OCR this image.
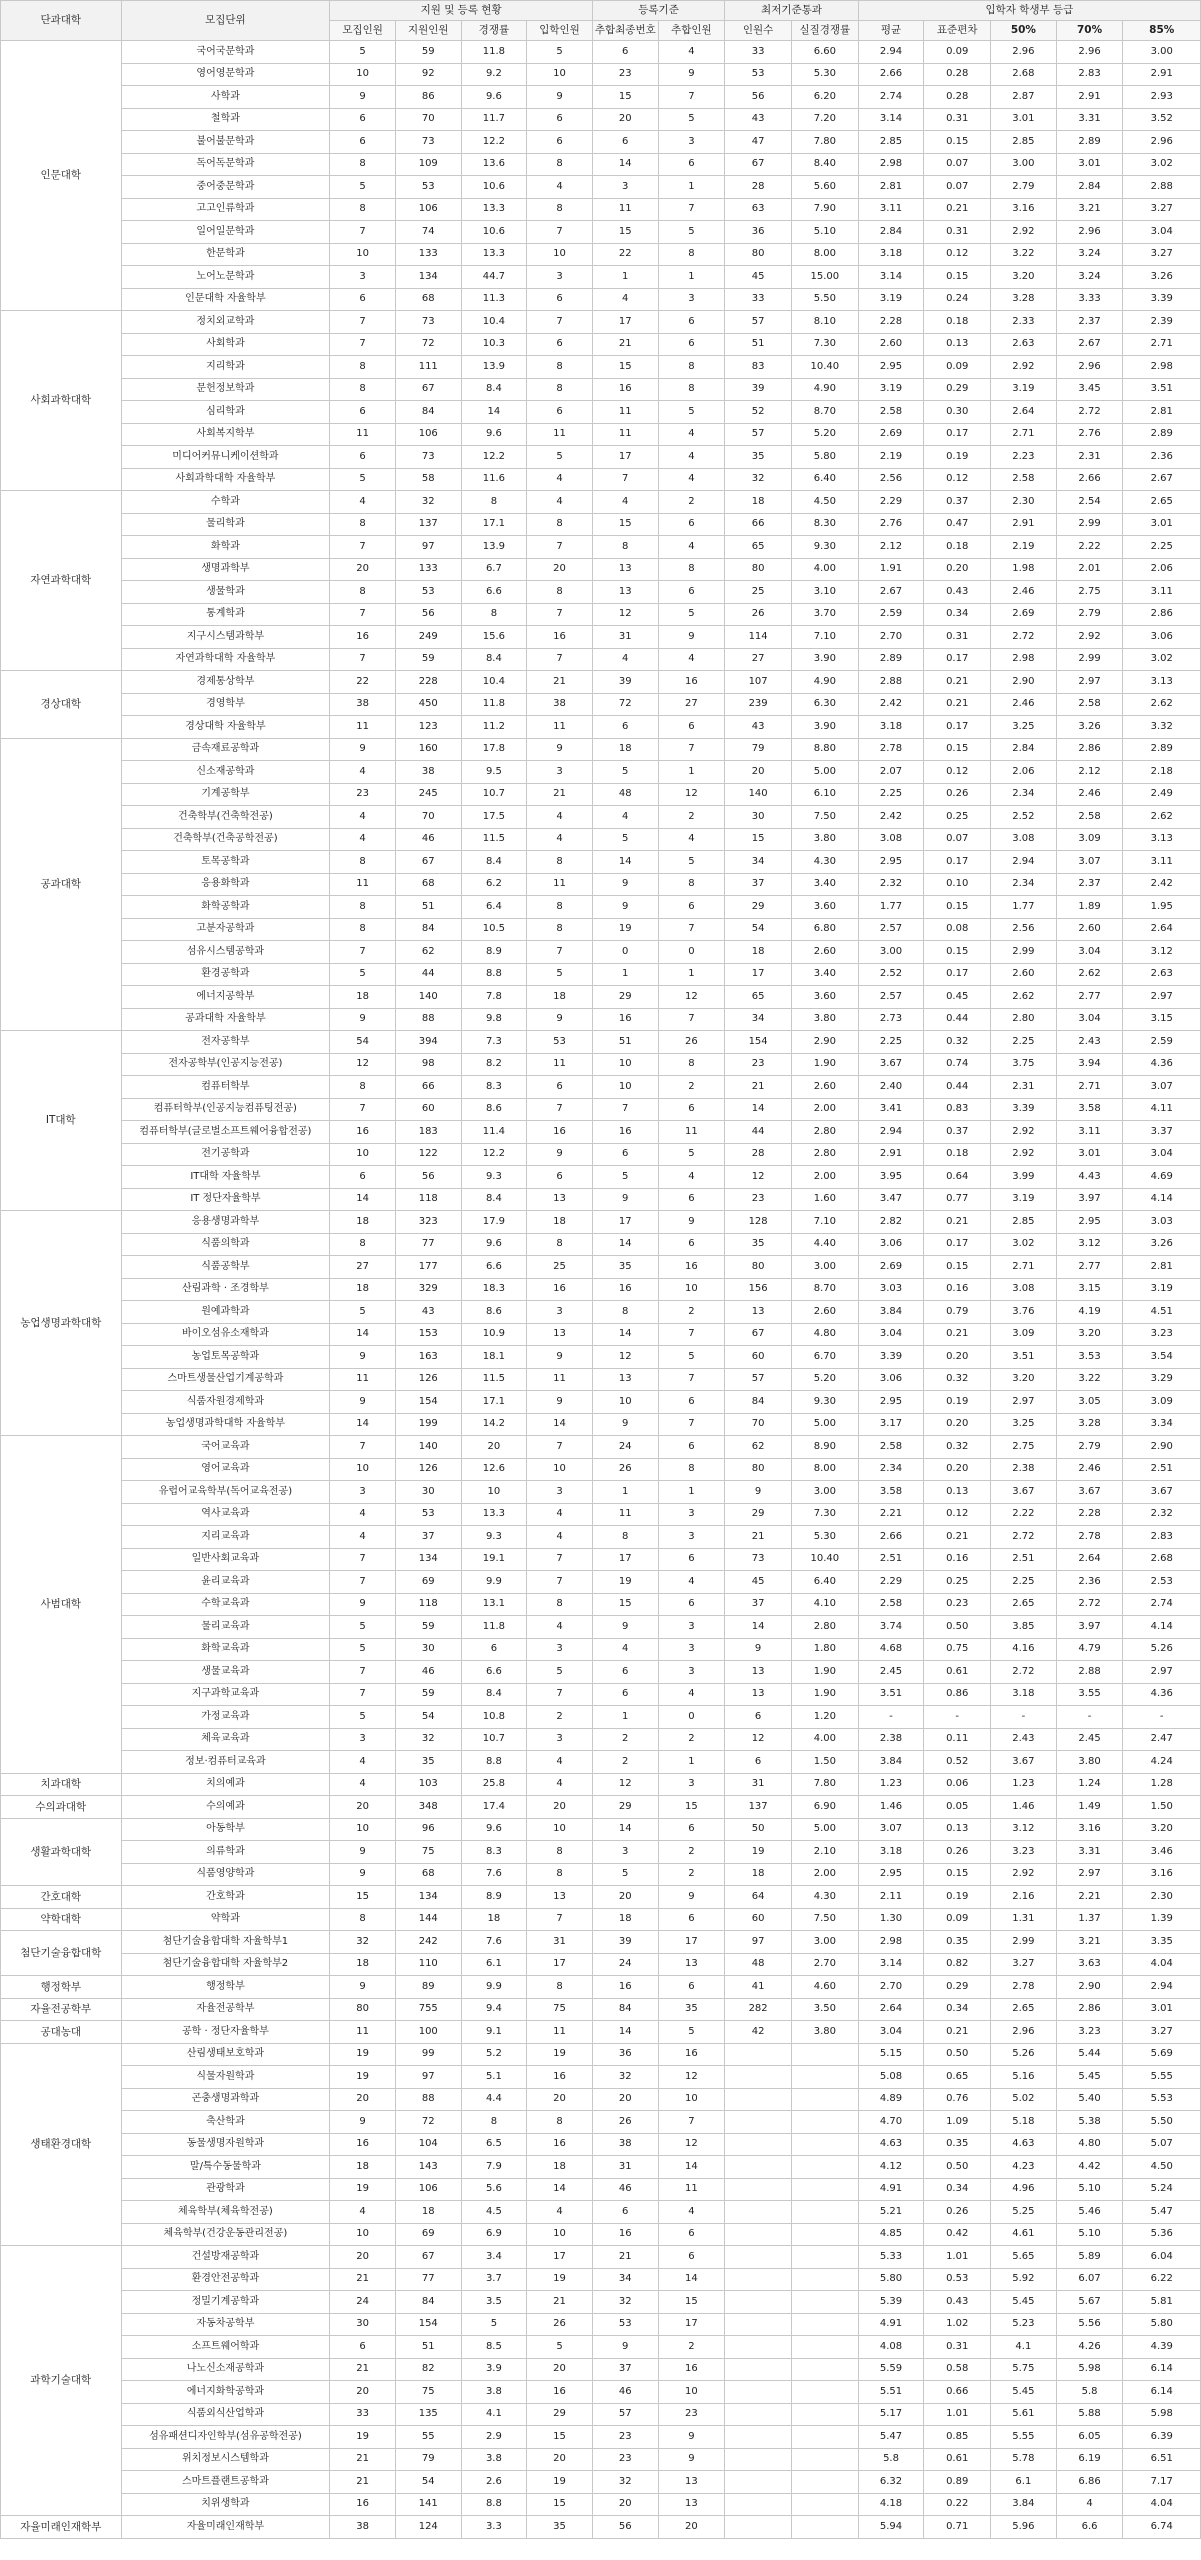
단과대학	모집단위	지원 및 등록 현황				등록기준		최저기준통과		입학자 학생부 등급				
		모집인원	지원인원	경쟁률	입학인원	추합최종번호	추합인원	인원수	실질경쟁률	평균	표준편차	50%	70%	85%
인문대학	국어국문학과	5	59	11.8	5	6	4	33	6.60	2.94	0.09	2.96	2.96	3.00
	영어영문학과	10	92	9.2	10	23	9	53	5.30	2.66	0.28	2.68	2.83	2.91
	사학과	9	86	9.6	9	15	7	56	6.20	2.74	0.28	2.87	2.91	2.93
	철학과	6	70	11.7	6	20	5	43	7.20	3.14	0.31	3.01	3.31	3.52
	불어불문학과	6	73	12.2	6	6	3	47	7.80	2.85	0.15	2.85	2.89	2.96
	독어독문학과	8	109	13.6	8	14	6	67	8.40	2.98	0.07	3.00	3.01	3.02
	중어중문학과	5	53	10.6	4	3	1	28	5.60	2.81	0.07	2.79	2.84	2.88
	고고인류학과	8	106	13.3	8	11	7	63	7.90	3.11	0.21	3.16	3.21	3.27
	일어일문학과	7	74	10.6	7	15	5	36	5.10	2.84	0.31	2.92	2.96	3.04
	한문학과	10	133	13.3	10	22	8	80	8.00	3.18	0.12	3.22	3.24	3.27
	노어노문학과	3	134	44.7	3	1	1	45	15.00	3.14	0.15	3.20	3.24	3.26
	인문대학 자율학부	6	68	11.3	6	4	3	33	5.50	3.19	0.24	3.28	3.33	3.39
사회과학대학	정치외교학과	7	73	10.4	7	17	6	57	8.10	2.28	0.18	2.33	2.37	2.39
	사회학과	7	72	10.3	6	21	6	51	7.30	2.60	0.13	2.63	2.67	2.71
	지리학과	8	111	13.9	8	15	8	83	10.40	2.95	0.09	2.92	2.96	2.98
	문헌정보학과	8	67	8.4	8	16	8	39	4.90	3.19	0.29	3.19	3.45	3.51
	심리학과	6	84	14	6	11	5	52	8.70	2.58	0.30	2.64	2.72	2.81
	사회복지학부	11	106	9.6	11	11	4	57	5.20	2.69	0.17	2.71	2.76	2.89
	미디어커뮤니케이션학과	6	73	12.2	5	17	4	35	5.80	2.19	0.19	2.23	2.31	2.36
	사회과학대학 자율학부	5	58	11.6	4	7	4	32	6.40	2.56	0.12	2.58	2.66	2.67
자연과학대학	수학과	4	32	8	4	4	2	18	4.50	2.29	0.37	2.30	2.54	2.65
	물리학과	8	137	17.1	8	15	6	66	8.30	2.76	0.47	2.91	2.99	3.01
	화학과	7	97	13.9	7	8	4	65	9.30	2.12	0.18	2.19	2.22	2.25
	생명과학부	20	133	6.7	20	13	8	80	4.00	1.91	0.20	1.98	2.01	2.06
	생물학과	8	53	6.6	8	13	6	25	3.10	2.67	0.43	2.46	2.75	3.11
	통계학과	7	56	8	7	12	5	26	3.70	2.59	0.34	2.69	2.79	2.86
	지구시스템과학부	16	249	15.6	16	31	9	114	7.10	2.70	0.31	2.72	2.92	3.06
	자연과학대학 자율학부	7	59	8.4	7	4	4	27	3.90	2.89	0.17	2.98	2.99	3.02
경상대학	경제통상학부	22	228	10.4	21	39	16	107	4.90	2.88	0.21	2.90	2.97	3.13
	경영학부	38	450	11.8	38	72	27	239	6.30	2.42	0.21	2.46	2.58	2.62
	경상대학 자율학부	11	123	11.2	11	6	6	43	3.90	3.18	0.17	3.25	3.26	3.32
공과대학	금속재료공학과	9	160	17.8	9	18	7	79	8.80	2.78	0.15	2.84	2.86	2.89
	신소재공학과	4	38	9.5	3	5	1	20	5.00	2.07	0.12	2.06	2.12	2.18
	기계공학부	23	245	10.7	21	48	12	140	6.10	2.25	0.26	2.34	2.46	2.49
	건축학부(건축학전공)	4	70	17.5	4	4	2	30	7.50	2.42	0.25	2.52	2.58	2.62
	건축학부(건축공학전공)	4	46	11.5	4	5	4	15	3.80	3.08	0.07	3.08	3.09	3.13
	토목공학과	8	67	8.4	8	14	5	34	4.30	2.95	0.17	2.94	3.07	3.11
	응용화학과	11	68	6.2	11	9	8	37	3.40	2.32	0.10	2.34	2.37	2.42
	화학공학과	8	51	6.4	8	9	6	29	3.60	1.77	0.15	1.77	1.89	1.95
	고분자공학과	8	84	10.5	8	19	7	54	6.80	2.57	0.08	2.56	2.60	2.64
	섬유시스템공학과	7	62	8.9	7	0	0	18	2.60	3.00	0.15	2.99	3.04	3.12
	환경공학과	5	44	8.8	5	1	1	17	3.40	2.52	0.17	2.60	2.62	2.63
	에너지공학부	18	140	7.8	18	29	12	65	3.60	2.57	0.45	2.62	2.77	2.97
	공과대학 자율학부	9	88	9.8	9	16	7	34	3.80	2.73	0.44	2.80	3.04	3.15
IT대학	전자공학부	54	394	7.3	53	51	26	154	2.90	2.25	0.32	2.25	2.43	2.59
	전자공학부(인공지능전공)	12	98	8.2	11	10	8	23	1.90	3.67	0.74	3.75	3.94	4.36
	컴퓨터학부	8	66	8.3	6	10	2	21	2.60	2.40	0.44	2.31	2.71	3.07
	컴퓨터학부(인공지능컴퓨팅전공)	7	60	8.6	7	7	6	14	2.00	3.41	0.83	3.39	3.58	4.11
	컴퓨터학부(글로벌소프트웨어융합전공)	16	183	11.4	16	16	11	44	2.80	2.94	0.37	2.92	3.11	3.37
	전기공학과	10	122	12.2	9	6	5	28	2.80	2.91	0.18	2.92	3.01	3.04
	IT대학 자율학부	6	56	9.3	6	5	4	12	2.00	3.95	0.64	3.99	4.43	4.69
	IT 정단자율학부	14	118	8.4	13	9	6	23	1.60	3.47	0.77	3.19	3.97	4.14
농업생명과학대학	응용생명과학부	18	323	17.9	18	17	9	128	7.10	2.82	0.21	2.85	2.95	3.03
	식품의학과	8	77	9.6	8	14	6	35	4.40	3.06	0.17	3.02	3.12	3.26
	식품공학부	27	177	6.6	25	35	16	80	3.00	2.69	0.15	2.71	2.77	2.81
	산림과학 · 조경학부	18	329	18.3	16	16	10	156	8.70	3.03	0.16	3.08	3.15	3.19
	원예과학과	5	43	8.6	3	8	2	13	2.60	3.84	0.79	3.76	4.19	4.51
	바이오섬유소재학과	14	153	10.9	13	14	7	67	4.80	3.04	0.21	3.09	3.20	3.23
	농업토목공학과	9	163	18.1	9	12	5	60	6.70	3.39	0.20	3.51	3.53	3.54
	스마트생물산업기계공학과	11	126	11.5	11	13	7	57	5.20	3.06	0.32	3.20	3.22	3.29
	식품자원경제학과	9	154	17.1	9	10	6	84	9.30	2.95	0.19	2.97	3.05	3.09
	농업생명과학대학 자율학부	14	199	14.2	14	9	7	70	5.00	3.17	0.20	3.25	3.28	3.34
사범대학	국어교육과	7	140	20	7	24	6	62	8.90	2.58	0.32	2.75	2.79	2.90
	영어교육과	10	126	12.6	10	26	8	80	8.00	2.34	0.20	2.38	2.46	2.51
	유럽어교육학부(독어교육전공)	3	30	10	3	1	1	9	3.00	3.58	0.13	3.67	3.67	3.67
	역사교육과	4	53	13.3	4	11	3	29	7.30	2.21	0.12	2.22	2.28	2.32
	지리교육과	4	37	9.3	4	8	3	21	5.30	2.66	0.21	2.72	2.78	2.83
	일반사회교육과	7	134	19.1	7	17	6	73	10.40	2.51	0.16	2.51	2.64	2.68
	윤리교육과	7	69	9.9	7	19	4	45	6.40	2.29	0.25	2.25	2.36	2.53
	수학교육과	9	118	13.1	8	15	6	37	4.10	2.58	0.23	2.65	2.72	2.74
	물리교육과	5	59	11.8	4	9	3	14	2.80	3.74	0.50	3.85	3.97	4.14
	화학교육과	5	30	6	3	4	3	9	1.80	4.68	0.75	4.16	4.79	5.26
	생물교육과	7	46	6.6	5	6	3	13	1.90	2.45	0.61	2.72	2.88	2.97
	지구과학교육과	7	59	8.4	7	6	4	13	1.90	3.51	0.86	3.18	3.55	4.36
	가정교육과	5	54	10.8	2	1	0	6	1.20	-	-	-	-	-
	체육교육과	3	32	10.7	3	2	2	12	4.00	2.38	0.11	2.43	2.45	2.47
	정보·컴퓨터교육과	4	35	8.8	4	2	1	6	1.50	3.84	0.52	3.67	3.80	4.24
치과대학	치의예과	4	103	25.8	4	12	3	31	7.80	1.23	0.06	1.23	1.24	1.28
수의과대학	수의예과	20	348	17.4	20	29	15	137	6.90	1.46	0.05	1.46	1.49	1.50
생활과학대학	아동학부	10	96	9.6	10	14	6	50	5.00	3.07	0.13	3.12	3.16	3.20
	의류학과	9	75	8.3	8	3	2	19	2.10	3.18	0.26	3.23	3.31	3.46
	식품영양학과	9	68	7.6	8	5	2	18	2.00	2.95	0.15	2.92	2.97	3.16
간호대학	간호학과	15	134	8.9	13	20	9	64	4.30	2.11	0.19	2.16	2.21	2.30
약학대학	약학과	8	144	18	7	18	6	60	7.50	1.30	0.09	1.31	1.37	1.39
첨단기술융합대학	첨단기술융합대학 자율학부1	32	242	7.6	31	39	17	97	3.00	2.98	0.35	2.99	3.21	3.35
	첨단기술융합대학 자율학부2	18	110	6.1	17	24	13	48	2.70	3.14	0.82	3.27	3.63	4.04
행정학부	행정학부	9	89	9.9	8	16	6	41	4.60	2.70	0.29	2.78	2.90	2.94
자율전공학부	자율전공학부	80	755	9.4	75	84	35	282	3.50	2.64	0.34	2.65	2.86	3.01
공대농대	공학 · 정단자율학부	11	100	9.1	11	14	5	42	3.80	3.04	0.21	2.96	3.23	3.27
생태환경대학	산림생태보호학과	19	99	5.2	19	36	16			5.15	0.50	5.26	5.44	5.69
	식물자원학과	19	97	5.1	16	32	12			5.08	0.65	5.16	5.45	5.55
	곤충생명과학과	20	88	4.4	20	20	10			4.89	0.76	5.02	5.40	5.53
	축산학과	9	72	8	8	26	7			4.70	1.09	5.18	5.38	5.50
	동물생명자원학과	16	104	6.5	16	38	12			4.63	0.35	4.63	4.80	5.07
	말/특수동물학과	18	143	7.9	18	31	14			4.12	0.50	4.23	4.42	4.50
	관광학과	19	106	5.6	14	46	11			4.91	0.34	4.96	5.10	5.24
	체육학부(체육학전공)	4	18	4.5	4	6	4			5.21	0.26	5.25	5.46	5.47
	체육학부(건강운동관리전공)	10	69	6.9	10	16	6			4.85	0.42	4.61	5.10	5.36
과학기술대학	건설방재공학과	20	67	3.4	17	21	6			5.33	1.01	5.65	5.89	6.04
	환경안전공학과	21	77	3.7	19	34	14			5.80	0.53	5.92	6.07	6.22
	정밀기계공학과	24	84	3.5	21	32	15			5.39	0.43	5.45	5.67	5.81
	자동차공학부	30	154	5	26	53	17			4.91	1.02	5.23	5.56	5.80
	소프트웨어학과	6	51	8.5	5	9	2			4.08	0.31	4.1	4.26	4.39
	나노신소재공학과	21	82	3.9	20	37	16			5.59	0.58	5.75	5.98	6.14
	에너지화학공학과	20	75	3.8	16	46	10			5.51	0.66	5.45	5.8	6.14
	식품외식산업학과	33	135	4.1	29	57	23			5.17	1.01	5.61	5.88	5.98
	섬유패션디자인학부(섬유공학전공)	19	55	2.9	15	23	9			5.47	0.85	5.55	6.05	6.39
	위치정보시스템학과	21	79	3.8	20	23	9			5.8	0.61	5.78	6.19	6.51
	스마트플랜트공학과	21	54	2.6	19	32	13			6.32	0.89	6.1	6.86	7.17
	치위생학과	16	141	8.8	15	20	13			4.18	0.22	3.84	4	4.04
자율미래인재학부	자율미래인재학부	38	124	3.3	35	56	20			5.94	0.71	5.96	6.6	6.74
